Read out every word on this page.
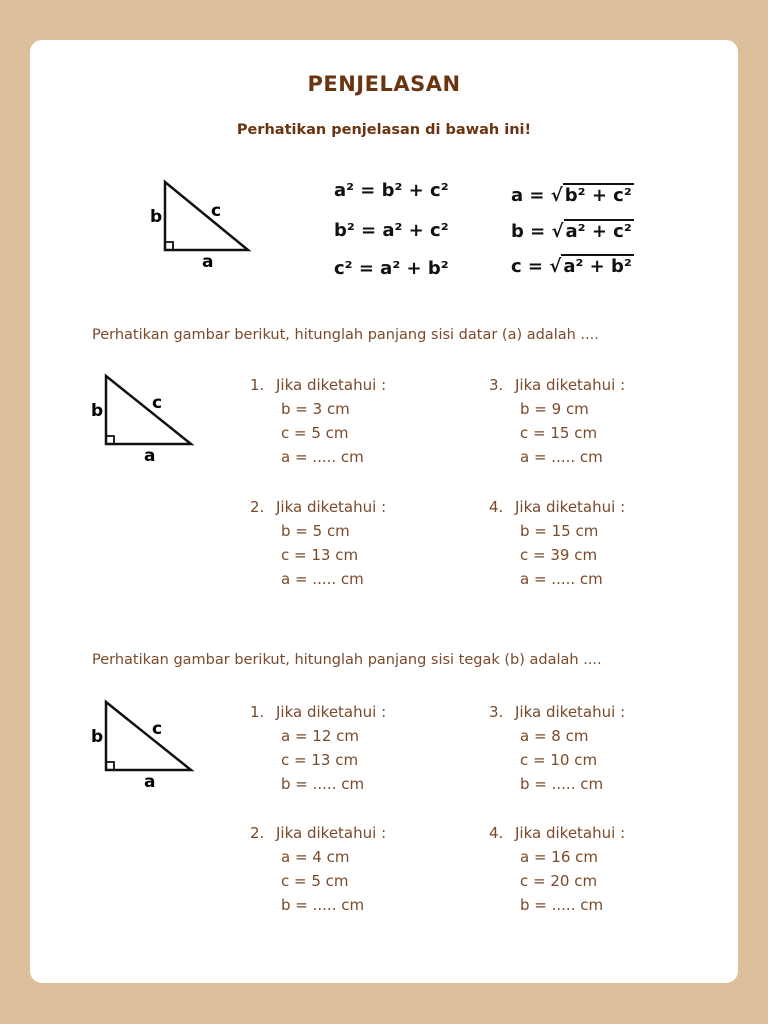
PENJELASAN
Perhatikan penjelasan di bawah ini!
b	c
a
a² = b² + c²
b² = a² + c²
c² = a² + b²
a = √ b² + c²
b = √ a² + c²
c = √ a² + b²
Perhatikan gambar berikut, hitunglah panjang sisi datar (a) adalah ....
b	c
a
1. Jika diketahui :
b = 3 cm
c = 5 cm
a = ..... cm
2. Jika diketahui :
b = 5 cm
c = 13 cm
a = ..... cm
3. Jika diketahui :
b = 9 cm
c = 15 cm
a = ..... cm
4. Jika diketahui :
b = 15 cm
c = 39 cm
a = ..... cm
Perhatikan gambar berikut, hitunglah panjang sisi tegak (b) adalah ....
b	c
a
1. Jika diketahui :
a = 12 cm
c = 13 cm
b = ..... cm
2. Jika diketahui :
a = 4 cm
c = 5 cm
b = ..... cm
3. Jika diketahui :
a = 8 cm
c = 10 cm
b = ..... cm
4. Jika diketahui :
a = 16 cm
c = 20 cm
b = ..... cm
